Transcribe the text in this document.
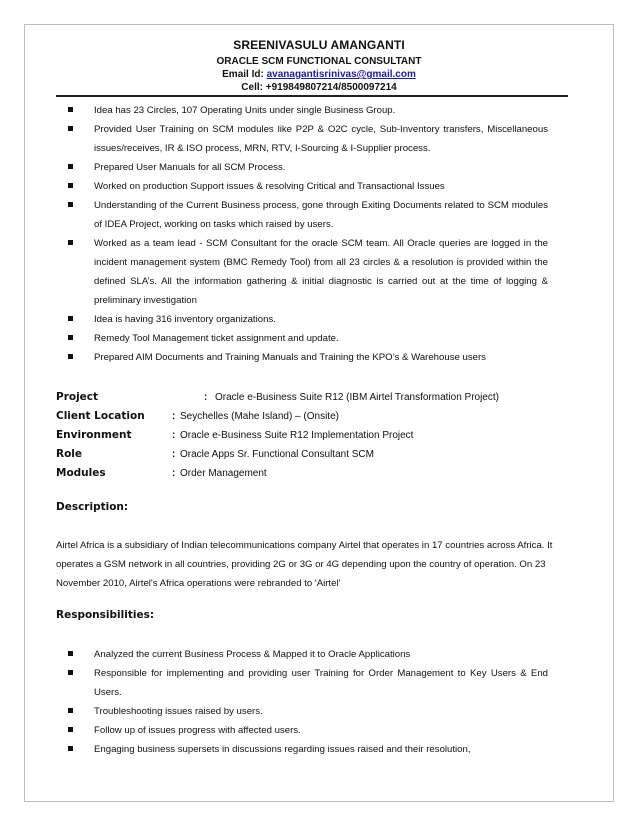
SREENIVASULU AMANGANTI
ORACLE SCM FUNCTIONAL CONSULTANT
Email Id: avanagantisrinivas@gmail.com
Cell: +919849807214/8500097214
Idea has 23 Circles, 107 Operating Units under single Business Group.
Provided User Training on SCM modules like P2P & O2C cycle, Sub-Inventory transfers, Miscellaneous issues/receives, IR & ISO process, MRN, RTV, I-Sourcing & I-Supplier process.
Prepared User Manuals for all SCM Process.
Worked on production Support issues & resolving Critical and Transactional Issues
Understanding of the Current Business process, gone through Exiting Documents related to SCM modules of IDEA Project, working on tasks which raised by users.
Worked as a team lead - SCM Consultant for the oracle SCM team. All Oracle queries are logged in the incident management system (BMC Remedy Tool) from all 23 circles & a resolution is provided within the defined SLA’s. All the information gathering & initial diagnostic is carried out at the time of logging & preliminary investigation
Idea is having 316 inventory organizations.
Remedy Tool Management ticket assignment and update.
Prepared AIM Documents and Training Manuals and Training the KPO’s & Warehouse users
Project	: Oracle e-Business Suite R12 (IBM Airtel Transformation Project)
Client Location	: Seychelles (Mahe Island) – (Onsite)
Environment	: Oracle e-Business Suite R12 Implementation Project
Role	: Oracle Apps Sr. Functional Consultant SCM
Modules	: Order Management
Description:
Airtel Africa is a subsidiary of Indian telecommunications company Airtel that operates in 17 countries across Africa. It operates a GSM network in all countries, providing 2G or 3G or 4G depending upon the country of operation. On 23 November 2010, Airtel's Africa operations were rebranded to 'Airtel'
Responsibilities:
Analyzed the current Business Process & Mapped it to Oracle Applications
Responsible for implementing and providing user Training for Order Management to Key Users & End Users.
Troubleshooting issues raised by users.
Follow up of issues progress with affected users.
Engaging business supersets in discussions regarding issues raised and their resolution,
